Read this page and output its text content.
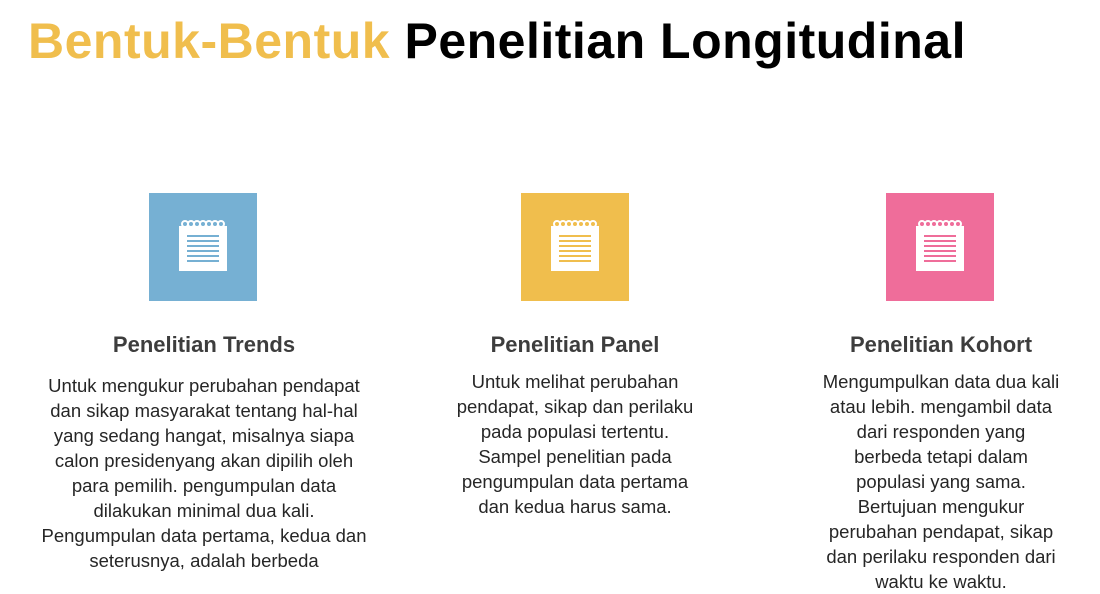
Bentuk-Bentuk Penelitian Longitudinal
Penelitian Trends
Untuk mengukur perubahan pendapat
dan sikap masyarakat tentang hal-hal
yang sedang hangat, misalnya siapa
calon presidenyang akan dipilih oleh
para pemilih. pengumpulan data
dilakukan minimal dua kali.
Pengumpulan data pertama, kedua dan
seterusnya, adalah berbeda
Penelitian Panel
Untuk melihat perubahan
pendapat, sikap dan perilaku
pada populasi tertentu.
Sampel penelitian pada
pengumpulan data pertama
dan kedua harus sama.
Penelitian Kohort
Mengumpulkan data dua kali
atau lebih. mengambil data
dari responden yang
berbeda tetapi dalam
populasi yang sama.
Bertujuan mengukur
perubahan pendapat, sikap
dan perilaku responden dari
waktu ke waktu.
